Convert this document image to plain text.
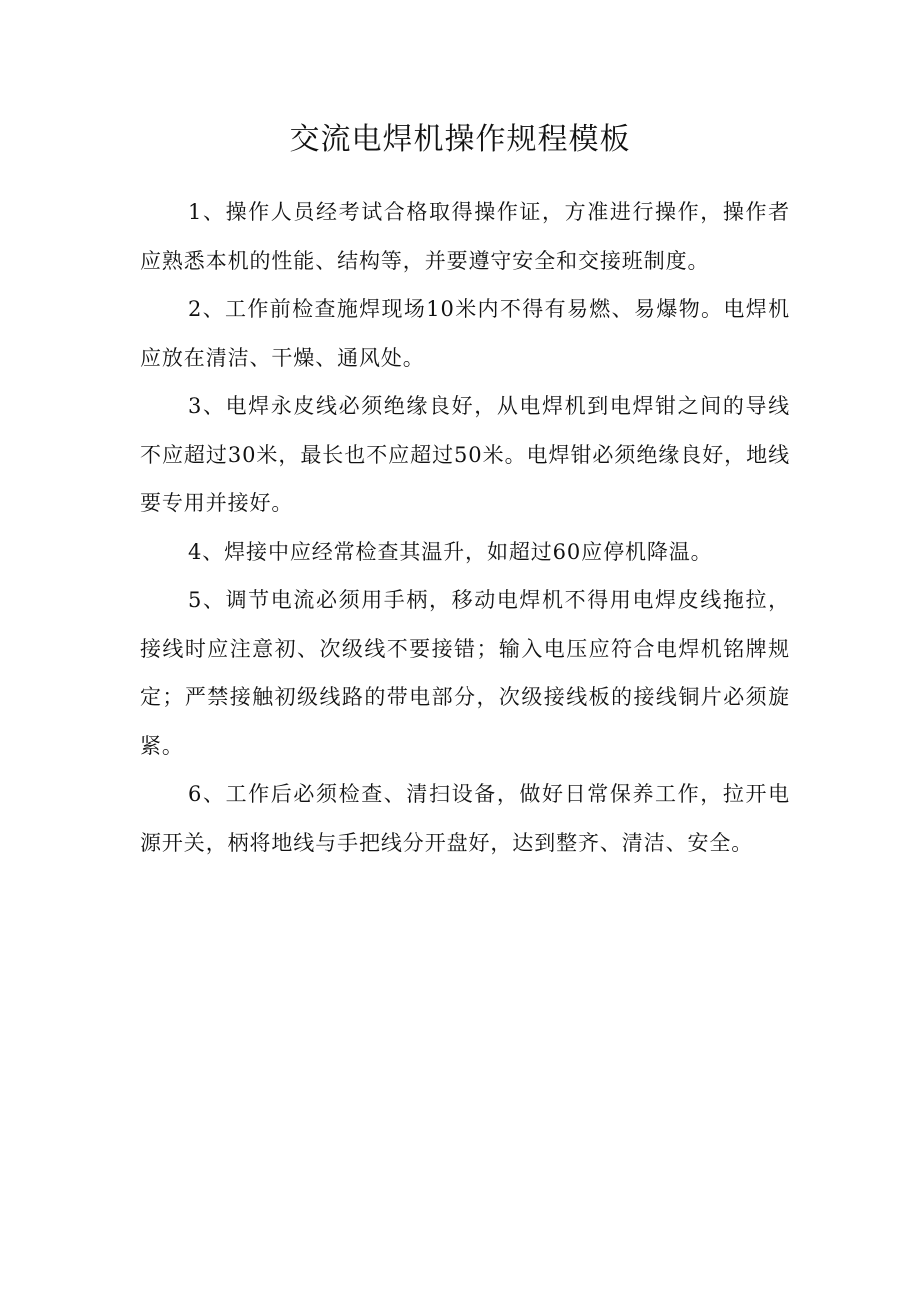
交流电焊机操作规程模板

1、操作人员经考试合格取得操作证，方准进行操作，操作者应熟悉本机的性能、结构等，并要遵守安全和交接班制度。

2、工作前检查施焊现场10米内不得有易燃、易爆物。电焊机应放在清洁、干燥、通风处。

3、电焊永皮线必须绝缘良好，从电焊机到电焊钳之间的导线不应超过30米，最长也不应超过50米。电焊钳必须绝缘良好，地线要专用并接好。

4、焊接中应经常检查其温升，如超过60应停机降温。

5、调节电流必须用手柄，移动电焊机不得用电焊皮线拖拉，接线时应注意初、次级线不要接错；输入电压应符合电焊机铭牌规定；严禁接触初级线路的带电部分，次级接线板的接线铜片必须旋紧。

6、工作后必须检查、清扫设备，做好日常保养工作，拉开电源开关，柄将地线与手把线分开盘好，达到整齐、清洁、安全。
